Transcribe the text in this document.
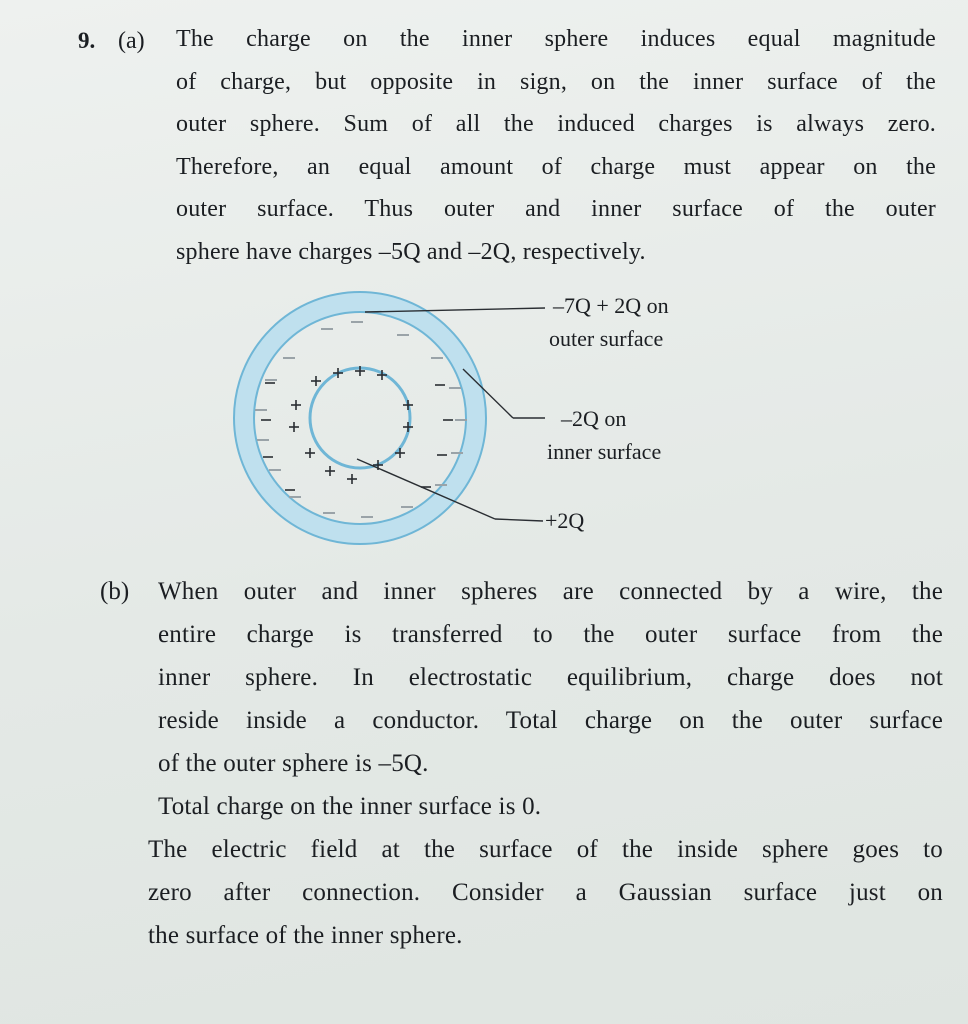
9. (a) The charge on the inner sphere induces equal magnitude
of charge, but opposite in sign, on the inner surface of the
outer sphere. Sum of all the induced charges is always zero.
Therefore, an equal amount of charge must appear on the
outer surface. Thus outer and inner surface of the outer
sphere have charges –5Q and –2Q, respectively.

–7Q + 2Q on
outer surface
–2Q on
inner surface
+2Q
(b) When outer and inner spheres are connected by a wire, the
entire charge is transferred to the outer surface from the
inner sphere. In electrostatic equilibrium, charge does not
reside inside a conductor. Total charge on the outer surface
of the outer sphere is –5Q.

Total charge on the inner surface is 0.
The electric field at the surface of the inside sphere goes to
zero after connection. Consider a Gaussian surface just on
the surface of the inner sphere.
